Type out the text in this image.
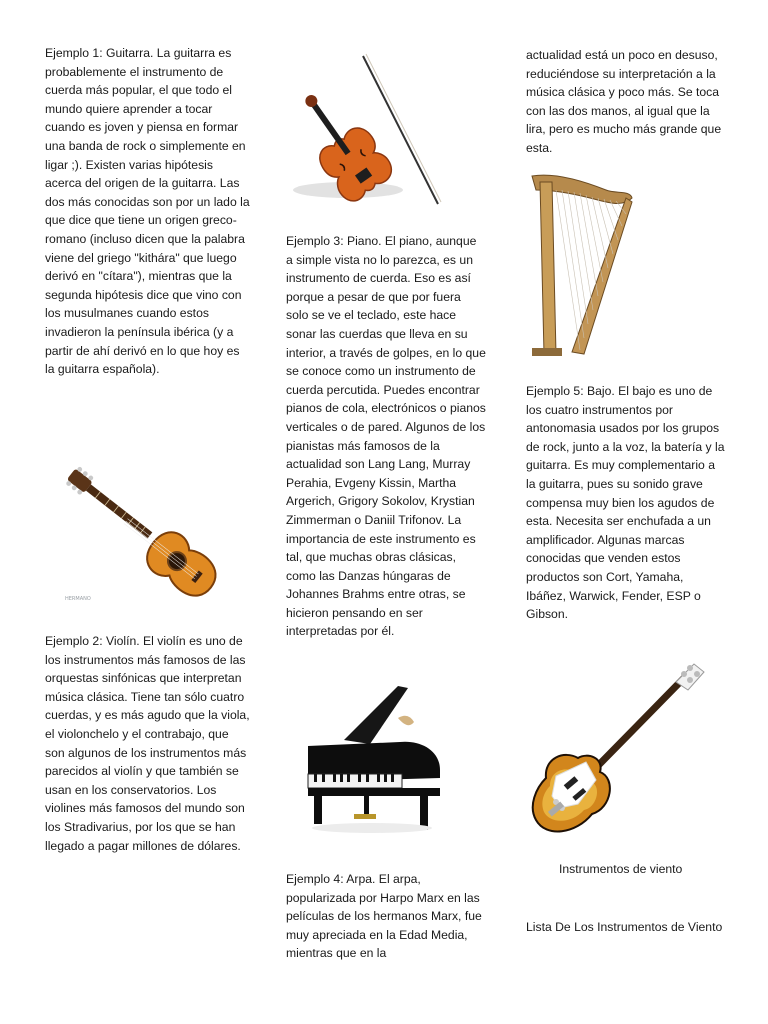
Ejemplo 1: Guitarra. La guitarra es probablemente el instrumento de cuerda más popular, el que todo el mundo quiere aprender a tocar cuando es joven y piensa en formar una banda de rock o simplemente en ligar ;). Existen varias hipótesis acerca del origen de la guitarra. Las dos más conocidas son por un lado la que dice que tiene un origen greco-romano (incluso dicen que la palabra viene del griego "kithára" que luego derivó en "cítara"), mientras que la segunda hipótesis dice que vino con los musulmanes cuando estos invadieron la península ibérica (y a partir de ahí derivó en lo que hoy es la guitarra española).

HERMANO

Ejemplo 2: Violín. El violín es uno de los instrumentos más famosos de las orquestas sinfónicas que interpretan música clásica. Tiene tan sólo cuatro cuerdas, y es más agudo que la viola, el violonchelo y el contrabajo, que son algunos de los instrumentos más parecidos al violín y que también se usan en los conservatorios. Los violines más famosos del mundo son los Stradivarius, por los que se han llegado a pagar millones de dólares.

Ejemplo 3: Piano. El piano, aunque a simple vista no lo parezca, es un instrumento de cuerda. Eso es así porque a pesar de que por fuera solo se ve el teclado, este hace sonar las cuerdas que lleva en su interior, a través de golpes, en lo que se conoce como un instrumento de cuerda percutida. Puedes encontrar pianos de cola, electrónicos o pianos verticales o de pared. Algunos de los pianistas más famosos de la actualidad son Lang Lang, Murray Perahia, Evgeny Kissin, Martha Argerich, Grigory Sokolov, Krystian Zimmerman o Daniil Trifonov. La importancia de este instrumento es tal, que muchas obras clásicas, como las Danzas húngaras de Johannes Brahms entre otras, se hicieron pensando en ser interpretadas por él.

Ejemplo 4: Arpa. El arpa, popularizada por Harpo Marx en las películas de los hermanos Marx, fue muy apreciada en la Edad Media, mientras que en la

actualidad está un poco en desuso, reduciéndose su interpretación a la música clásica y poco más. Se toca con las dos manos, al igual que la lira, pero es mucho más grande que esta.

Ejemplo 5: Bajo. El bajo es uno de los cuatro instrumentos por antonomasia usados por los grupos de rock, junto a la voz, la batería y la guitarra. Es muy complementario a la guitarra, pues su sonido grave compensa muy bien los agudos de esta. Necesita ser enchufada a un amplificador. Algunas marcas conocidas que venden estos productos son Cort, Yamaha, Ibáñez, Warwick, Fender, ESP o Gibson.

Instrumentos de viento
Lista De Los Instrumentos de Viento
